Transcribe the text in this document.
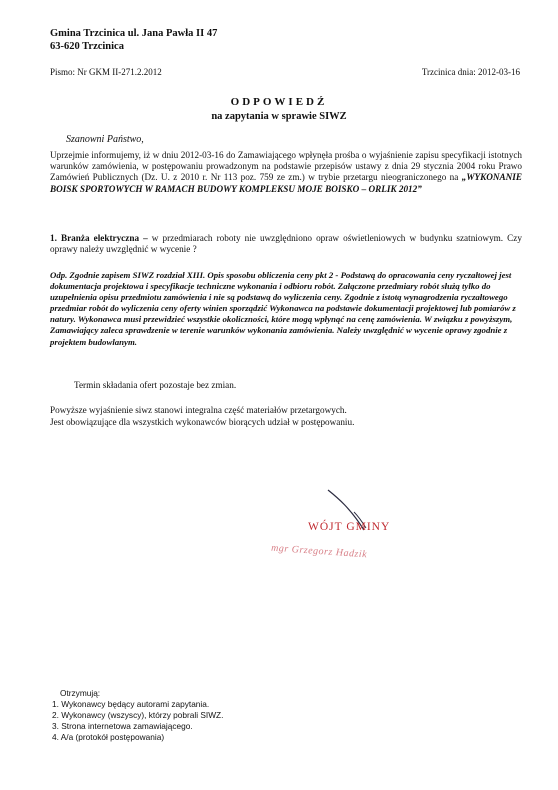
Gmina Trzcinica ul. Jana Pawła II 47
63-620 Trzcinica
Pismo: Nr GKM II-271.2.2012	Trzcinica dnia: 2012-03-16
ODPOWIEDŹ
na zapytania w sprawie SIWZ
Szanowni Państwo,
Uprzejmie informujemy, iż w dniu 2012-03-16 do Zamawiającego wpłynęła prośba o wyjaśnienie zapisu specyfikacji istotnych warunków zamówienia, w postępowaniu prowadzonym na podstawie przepisów ustawy z dnia 29 stycznia 2004 roku Prawo Zamówień Publicznych (Dz. U. z 2010 r. Nr 113 poz. 759 ze zm.) w trybie przetargu nieograniczonego na „WYKONANIE BOISK SPORTOWYCH W RAMACH BUDOWY KOMPLEKSU MOJE BOISKO – ORLIK 2012”
1. Branża elektryczna – w przedmiarach roboty nie uwzględniono opraw oświetleniowych w budynku szatniowym. Czy oprawy należy uwzględnić w wycenie ?
Odp. Zgodnie zapisem SIWZ rozdział XIII. Opis sposobu obliczenia ceny pkt 2 - Podstawą do opracowania ceny ryczałtowej jest dokumentacja projektowa i specyfikacje techniczne wykonania i odbioru robót. Załączone przedmiary robót służą tylko do uzupełnienia opisu przedmiotu zamówienia i nie są podstawą do wyliczenia ceny. Zgodnie z istotą wynagrodzenia ryczałtowego przedmiar robót do wyliczenia ceny oferty winien sporządzić Wykonawca na podstawie dokumentacji projektowej lub pomiarów z natury. Wykonawca musi przewidzieć wszystkie okoliczności, które mogą wpłynąć na cenę zamówienia. W związku z powyższym, Zamawiający zaleca sprawdzenie w terenie warunków wykonania zamówienia. Należy uwzględnić w wycenie oprawy zgodnie z projektem budowlanym.
Termin składania ofert pozostaje bez zmian.
Powyższe wyjaśnienie siwz stanowi integralna część materiałów przetargowych.
Jest obowiązujące dla wszystkich wykonawców biorących udział w postępowaniu.
WÓJT GMINY
mgr Grzegorz Hadzik
Otrzymują:
1. Wykonawcy będący autorami zapytania.
2. Wykonawcy (wszyscy), którzy pobrali SIWZ.
3. Strona internetowa zamawiającego.
4. A/a (protokół postępowania)
